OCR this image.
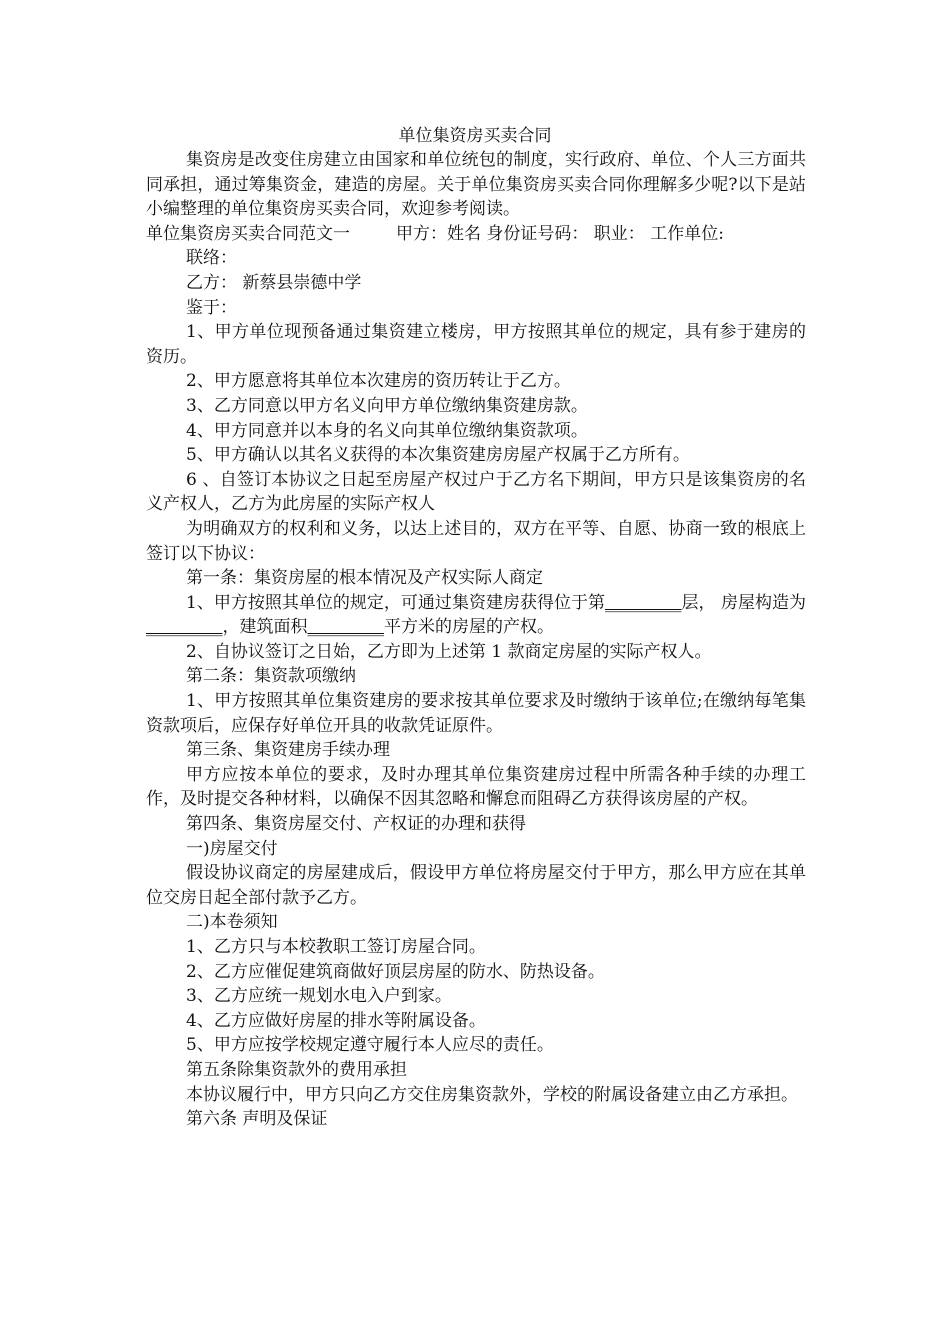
单位集资房买卖合同

集资房是改变住房建立由国家和单位统包的制度，实行政府、单位、个人三方面共同承担，通过筹集资金，建造的房屋。关于单位集资房买卖合同你理解多少呢?以下是站小编整理的单位集资房买卖合同，欢迎参考阅读。

单位集资房买卖合同范文一	甲方：姓名 身份证号码： 职业： 工作单位:

联络：

乙方： 新蔡县崇德中学

鉴于：

1、甲方单位现预备通过集资建立楼房，甲方按照其单位的规定，具有参于建房的资历。

2、甲方愿意将其单位本次建房的资历转让于乙方。

3、乙方同意以甲方名义向甲方单位缴纳集资建房款。

4、甲方同意并以本身的名义向其单位缴纳集资款项。

5、甲方确认以其名义获得的本次集资建房房屋产权属于乙方所有。

6 、自签订本协议之日起至房屋产权过户于乙方名下期间，甲方只是该集资房的名义产权人，乙方为此房屋的实际产权人

为明确双方的权利和义务，以达上述目的，双方在平等、自愿、协商一致的根底上签订以下协议：

第一条：集资房屋的根本情况及产权实际人商定

1、甲方按照其单位的规定，可通过集资建房获得位于第_________层， 房屋构造为_________，建筑面积_________平方米的房屋的产权。

2、自协议签订之日始，乙方即为上述第 1 款商定房屋的实际产权人。

第二条：集资款项缴纳

1、甲方按照其单位集资建房的要求按其单位要求及时缴纳于该单位;在缴纳每笔集资款项后，应保存好单位开具的收款凭证原件。

第三条、集资建房手续办理

甲方应按本单位的要求，及时办理其单位集资建房过程中所需各种手续的办理工作，及时提交各种材料，以确保不因其忽略和懈怠而阻碍乙方获得该房屋的产权。

第四条、集资房屋交付、产权证的办理和获得

一)房屋交付

假设协议商定的房屋建成后，假设甲方单位将房屋交付于甲方，那么甲方应在其单位交房日起全部付款予乙方。

二)本卷须知

1、乙方只与本校教职工签订房屋合同。

2、乙方应催促建筑商做好顶层房屋的防水、防热设备。

3、乙方应统一规划水电入户到家。

4、乙方应做好房屋的排水等附属设备。

5、甲方应按学校规定遵守履行本人应尽的责任。

第五条除集资款外的费用承担

本协议履行中，甲方只向乙方交住房集资款外，学校的附属设备建立由乙方承担。

第六条 声明及保证
